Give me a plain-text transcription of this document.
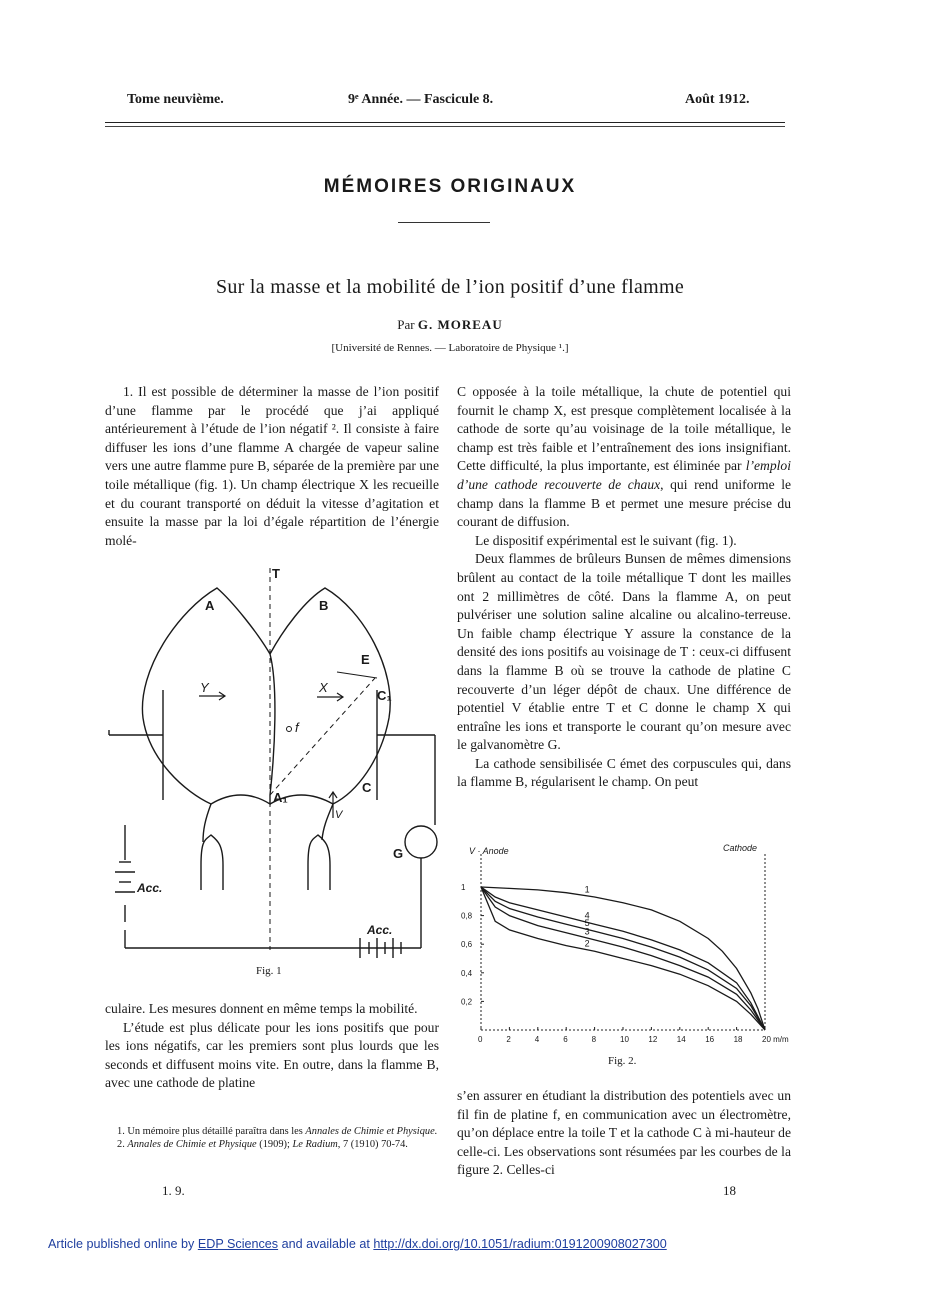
Tome neuvième.	9ᵉ Année. — Fascicule 8.	Août 1912.
MÉMOIRES ORIGINAUX
Sur la masse et la mobilité de l’ion positif d’une flamme
Par G. MOREAU
[Université de Rennes. — Laboratoire de Physique ¹.]

1. Il est possible de déterminer la masse de l’ion positif d’une flamme par le procédé que j’ai appliqué antérieurement à l’étude de l’ion négatif ². Il consiste à faire diffuser les ions d’une flamme A chargée de vapeur saline vers une autre flamme pure B, séparée de la première par une toile métallique (fig. 1). Un champ électrique X les recueille et du courant transporté on déduit la vitesse d’agitation et ensuite la masse par la loi d’égale répartition de l’énergie molé-

T
A	B
E
C₁
C
A₁
G
Y	X
f
V
Acc.
Acc.
Fig. 1

culaire. Les mesures donnent en même temps la mobilité.

L’étude est plus délicate pour les ions positifs que pour les ions négatifs, car les premiers sont plus lourds que les seconds et diffusent moins vite. En outre, dans la flamme B, avec une cathode de platine

1. Un mémoire plus détaillé paraîtra dans les Annales de Chimie et Physique.

2. Annales de Chimie et Physique (1909); Le Radium, 7 (1910) 70-74.

1. 9.

C opposée à la toile métallique, la chute de potentiel qui fournit le champ X, est presque complètement localisée à la cathode de sorte qu’au voisinage de la toile métallique, le champ est très faible et l’entraînement des ions insignifiant. Cette difficulté, la plus importante, est éliminée par l’emploi d’une cathode recouverte de chaux, qui rend uniforme le champ dans la flamme B et permet une mesure précise du courant de diffusion.

Le dispositif expérimental est le suivant (fig. 1).

Deux flammes de brûleurs Bunsen de mêmes dimensions brûlent au contact de la toile métallique T dont les mailles ont 2 millimètres de côté. Dans la flamme A, on peut pulvériser une solution saline alcaline ou alcalino-terreuse. Un faible champ électrique Y assure la constance de la densité des ions positifs au voisinage de T : ceux-ci diffusent dans la flamme B où se trouve la cathode de platine C recouverte d’un léger dépôt de chaux. Une différence de potentiel V établie entre T et C donne le champ X qui entraîne les ions et transporte le courant qu’on mesure avec le galvanomètre G.

La cathode sensibilisée C émet des corpuscules qui, dans la flamme B, régularisent le champ. On peut

0	2	4	6	8	10 12 14 16 18 20 m/m
0,2
0,4
0,6
0,8
1
V · Anode	Cathode
1
4
5
3
2
Fig. 2.

s’en assurer en étudiant la distribution des potentiels avec un fil fin de platine f, en communication avec un électromètre, qu’on déplace entre la toile T et la cathode C à mi-hauteur de celle-ci. Les observations sont résumées par les courbes de la figure 2. Celles-ci

18
Article published online by EDP Sciences and available at http://dx.doi.org/10.1051/radium:0191200908027300
